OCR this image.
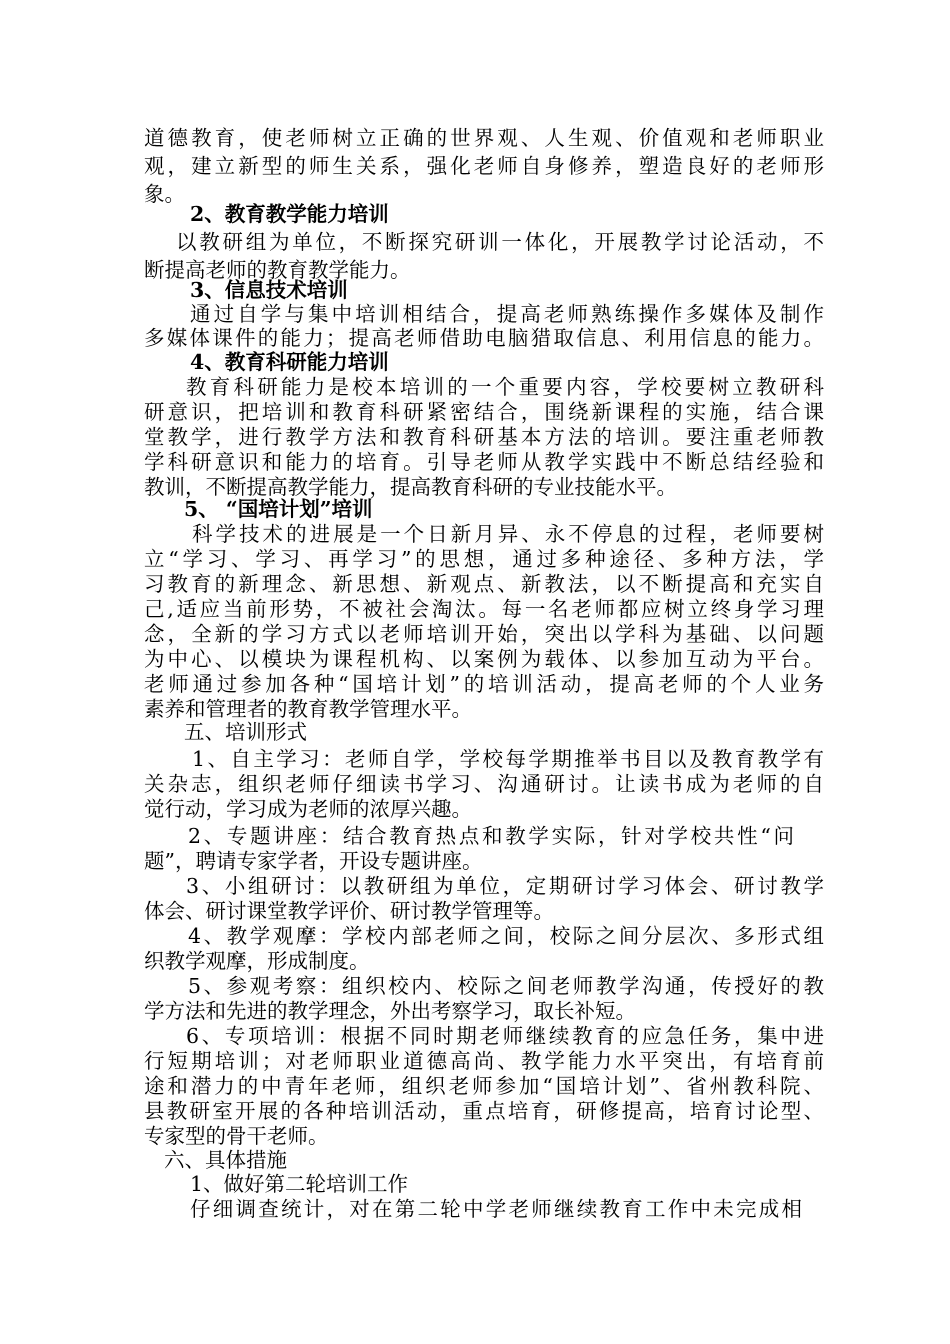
道德教育，使老师树立正确的世界观、人生观、价值观和老师职业
观，建立新型的师生关系，强化老师自身修养，塑造良好的老师形
象。
2、教育教学能力培训
以教研组为单位，不断探究研训一体化，开展教学讨论活动，不
断提高老师的教育教学能力。
3、信息技术培训
通过自学与集中培训相结合，提高老师熟练操作多媒体及制作
多媒体课件的能力；提高老师借助电脑猎取信息、利用信息的能力。
4、教育科研能力培训
教育科研能力是校本培训的一个重要内容，学校要树立教研科
研意识，把培训和教育科研紧密结合，围绕新课程的实施，结合课
堂教学，进行教学方法和教育科研基本方法的培训。要注重老师教
学科研意识和能力的培育。引导老师从教学实践中不断总结经验和
教训，不断提高教学能力，提高教育科研的专业技能水平。
5、 “国培计划”培训
科学技术的进展是一个日新月异、永不停息的过程，老师要树
立“学习、学习、再学习”的思想，通过多种途径、多种方法，学
习教育的新理念、新思想、新观点、新教法，以不断提高和充实自
己,适应当前形势，不被社会淘汰。每一名老师都应树立终身学习理
念，全新的学习方式以老师培训开始，突出以学科为基础、以问题
为中心、以模块为课程机构、以案例为载体、以参加互动为平台。
老师通过参加各种“国培计划”的培训活动，提高老师的个人业务
素养和管理者的教育教学管理水平。
五、培训形式
1、自主学习：老师自学，学校每学期推举书目以及教育教学有
关杂志，组织老师仔细读书学习、沟通研讨。让读书成为老师的自
觉行动，学习成为老师的浓厚兴趣。
2、专题讲座：结合教育热点和教学实际，针对学校共性“问
题”，聘请专家学者，开设专题讲座。
3、小组研讨：以教研组为单位，定期研讨学习体会、研讨教学
体会、研讨课堂教学评价、研讨教学管理等。
4、教学观摩：学校内部老师之间，校际之间分层次、多形式组
织教学观摩，形成制度。
5、参观考察：组织校内、校际之间老师教学沟通，传授好的教
学方法和先进的教学理念，外出考察学习，取长补短。
6、专项培训：根据不同时期老师继续教育的应急任务，集中进
行短期培训；对老师职业道德高尚、教学能力水平突出，有培育前
途和潜力的中青年老师，组织老师参加“国培计划”、省州教科院、
县教研室开展的各种培训活动，重点培育，研修提高，培育讨论型、
专家型的骨干老师。
六、具体措施
1、做好第二轮培训工作
仔细调查统计，对在第二轮中学老师继续教育工作中未完成相
